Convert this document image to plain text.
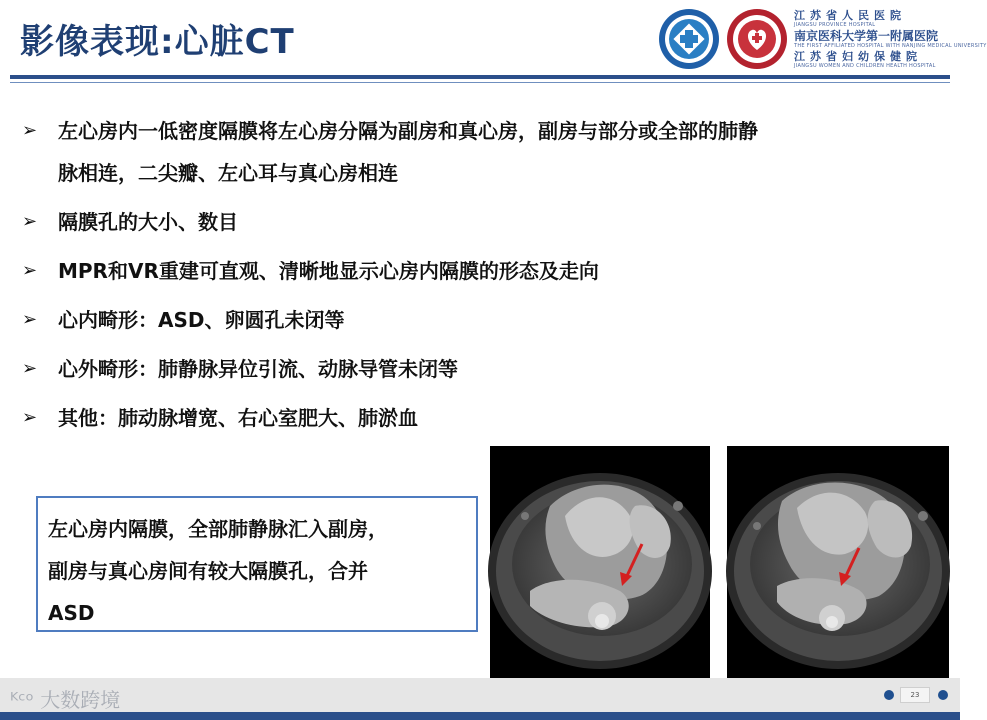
影像表现:心脏CT
江苏省人民医院
JIANGSU PROVINCE HOSPITAL
南京医科大学第一附属医院
THE FIRST AFFILIATED HOSPITAL WITH NANJING MEDICAL UNIVERSITY
江苏省妇幼保健院
JIANGSU WOMEN AND CHILDREN HEALTH HOSPITAL
➢ 左心房内一低密度隔膜将左心房分隔为副房和真心房，副房与部分或全部的肺静
脉相连，二尖瓣、左心耳与真心房相连
➢ 隔膜孔的大小、数目
➢ MPR和VR重建可直观、清晰地显示心房内隔膜的形态及走向
➢ 心内畸形：ASD、卵圆孔未闭等
➢ 心外畸形：肺静脉异位引流、动脉导管未闭等
➢ 其他：肺动脉增宽、右心室肥大、肺淤血
左心房内隔膜，全部肺静脉汇入副房，
副房与真心房间有较大隔膜孔，合并
ASD
ᴷᶜᵒ 大数跨境	23
